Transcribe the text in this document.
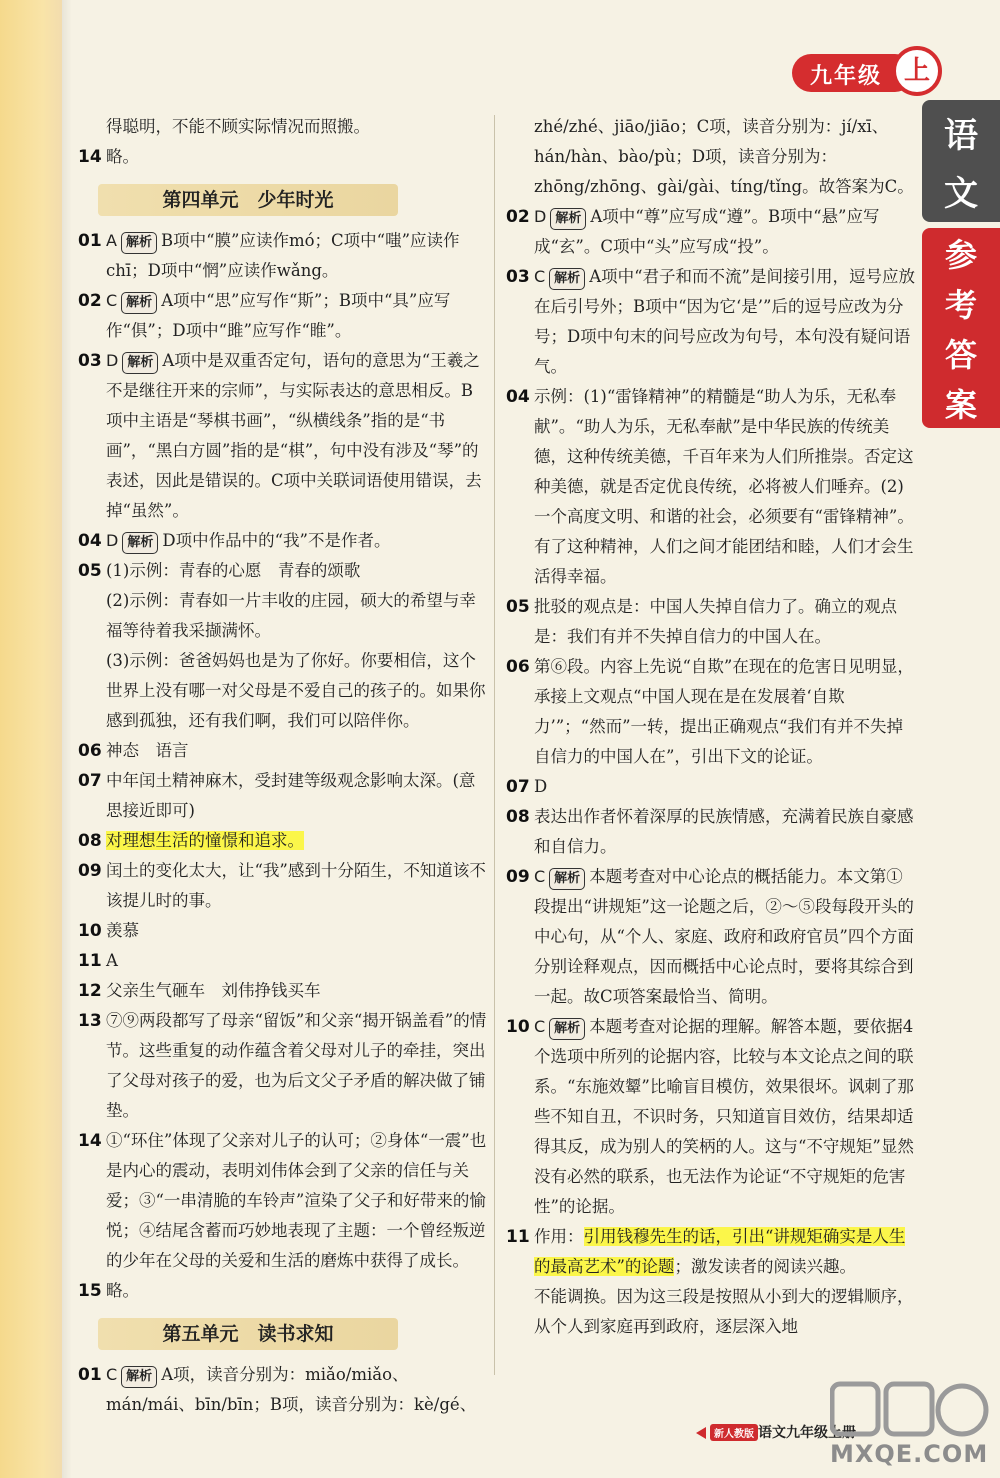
九年级 上
语
文
参
考
答
案
得聪明，不能不顾实际情况而照搬。
14 略。
第四单元　少年时光
01 A 解析 B项中“膜”应读作mó；C项中“嗤”应读作chī；D项中“惘”应读作wǎng。
02 C 解析 A项中“思”应写作“斯”；B项中“具”应写作“俱”；D项中“雎”应写作“睢”。
03 D 解析 A项中是双重否定句，语句的意思为“王羲之不是继往开来的宗师”，与实际表达的意思相反。B项中主语是“琴棋书画”，“纵横线条”指的是“书画”，“黑白方圆”指的是“棋”，句中没有涉及“琴”的表述，因此是错误的。C项中关联词语使用错误，去掉“虽然”。
04 D 解析 D项中作品中的“我”不是作者。
05 (1)示例：青春的心愿　青春的颂歌
(2)示例：青春如一片丰收的庄园，硕大的希望与幸福等待着我采撷满怀。
(3)示例：爸爸妈妈也是为了你好。你要相信，这个世界上没有哪一对父母是不爱自己的孩子的。如果你感到孤独，还有我们啊，我们可以陪伴你。
06 神态　语言
07 中年闰土精神麻木，受封建等级观念影响太深。(意思接近即可)
08 对理想生活的憧憬和追求。
09 闰土的变化太大，让“我”感到十分陌生，不知道该不该提儿时的事。
10 羡慕
11 A
12 父亲生气砸车　刘伟挣钱买车
13 ⑦⑨两段都写了母亲“留饭”和父亲“揭开锅盖看”的情节。这些重复的动作蕴含着父母对儿子的牵挂，突出了父母对孩子的爱，也为后文父子矛盾的解决做了铺垫。
14 ①“环住”体现了父亲对儿子的认可；②身体“一震”也是内心的震动，表明刘伟体会到了父亲的信任与关爱；③“一串清脆的车铃声”渲染了父子和好带来的愉悦；④结尾含蓄而巧妙地表现了主题：一个曾经叛逆的少年在父母的关爱和生活的磨炼中获得了成长。
15 略。
第五单元　读书求知
01 C 解析 A项，读音分别为：miǎo/miǎo、mán/mái、bīn/bīn；B项，读音分别为：kè/gé、
zhé/zhé、jiāo/jiāo；C项，读音分别为：jí/xī、hán/hàn、bào/pù；D项，读音分别为：zhōng/zhōng、gài/gài、tíng/tǐng。故答案为C。
02 D 解析 A项中“尊”应写成“遵”。B项中“悬”应写成“玄”。C项中“头”应写成“投”。
03 C 解析 A项中“君子和而不流”是间接引用，逗号应放在后引号外；B项中“因为它‘是’”后的逗号应改为分号；D项中句末的问号应改为句号，本句没有疑问语气。
04 示例：(1)“雷锋精神”的精髓是“助人为乐，无私奉献”。“助人为乐，无私奉献”是中华民族的传统美德，这种传统美德，千百年来为人们所推崇。否定这种美德，就是否定优良传统，必将被人们唾弃。(2)一个高度文明、和谐的社会，必须要有“雷锋精神”。有了这种精神，人们之间才能团结和睦，人们才会生活得幸福。
05 批驳的观点是：中国人失掉自信力了。确立的观点是：我们有并不失掉自信力的中国人在。
06 第⑥段。内容上先说“自欺”在现在的危害日见明显，承接上文观点“中国人现在是在发展着‘自欺力’”；“然而”一转，提出正确观点“我们有并不失掉自信力的中国人在”，引出下文的论证。
07 D
08 表达出作者怀着深厚的民族情感，充满着民族自豪感和自信力。
09 C 解析 本题考查对中心论点的概括能力。本文第①段提出“讲规矩”这一论题之后，②～⑤段每段开头的中心句，从“个人、家庭、政府和政府官员”四个方面分别诠释观点，因而概括中心论点时，要将其综合到一起。故C项答案最恰当、简明。
10 C 解析 本题考查对论据的理解。解答本题，要依据4个选项中所列的论据内容，比较与本文论点之间的联系。“东施效颦”比喻盲目模仿，效果很坏。讽刺了那些不知自丑，不识时务，只知道盲目效仿，结果却适得其反，成为别人的笑柄的人。这与“不守规矩”显然没有必然的联系，也无法作为论证“不守规矩的危害性”的论据。
11 作用：引用钱穆先生的话，引出“讲规矩确实是人生的最高艺术”的论题；激发读者的阅读兴趣。
不能调换。因为这三段是按照从小到大的逻辑顺序，从个人到家庭再到政府，逐层深入地
新人教版 语文九年级上册
MXQE.COM
